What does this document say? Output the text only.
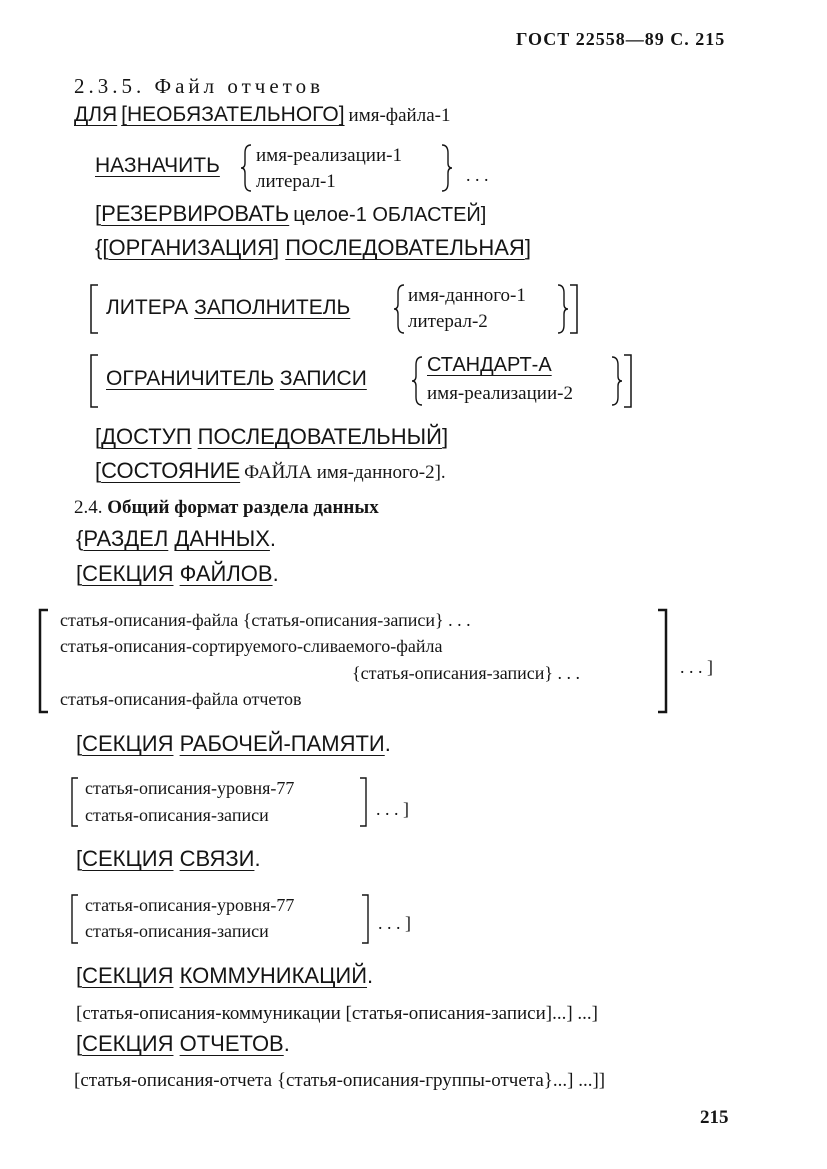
ГОСТ 22558—89 С. 215
2.3.5. Файл отчетов
ДЛЯ [НЕОБЯЗАТЕЛЬНОГО] имя-файла-1
НАЗНАЧИТЬ имя-реализации-1
литерал-1	. . .
[РЕЗЕРВИРОВАТЬ целое-1 ОБЛАСТЕЙ]
{[ОРГАНИЗАЦИЯ] ПОСЛЕДОВАТЕЛЬНАЯ]
ЛИТЕРА ЗАПОЛНИТЕЛЬ
имя-данного-1
литерал-2
ОГРАНИЧИТЕЛЬ ЗАПИСИ
СТАНДАРТ-А
имя-реализации-2
[ДОСТУП ПОСЛЕДОВАТЕЛЬНЫЙ]
[СОСТОЯНИЕ ФАЙЛА имя-данного-2].
2.4. Общий формат раздела данных
{РАЗДЕЛ ДАННЫХ.
[СЕКЦИЯ ФАЙЛОВ.
статья-описания-файла {статья-описания-записи} . . .
статья-описания-сортируемого-сливаемого-файла
{статья-описания-записи} . . .
статья-описания-файла отчетов
. . . ]
[СЕКЦИЯ РАБОЧЕЙ-ПАМЯТИ.
статья-описания-уровня-77
статья-описания-записи	. . . ]
[СЕКЦИЯ СВЯЗИ.
статья-описания-уровня-77
статья-описания-записи	. . . ]
[СЕКЦИЯ КОММУНИКАЦИЙ.
[статья-описания-коммуникации [статья-описания-записи]...] ...]
[СЕКЦИЯ ОТЧЕТОВ.
[статья-описания-отчета {статья-описания-группы-отчета}...] ...]]
215
